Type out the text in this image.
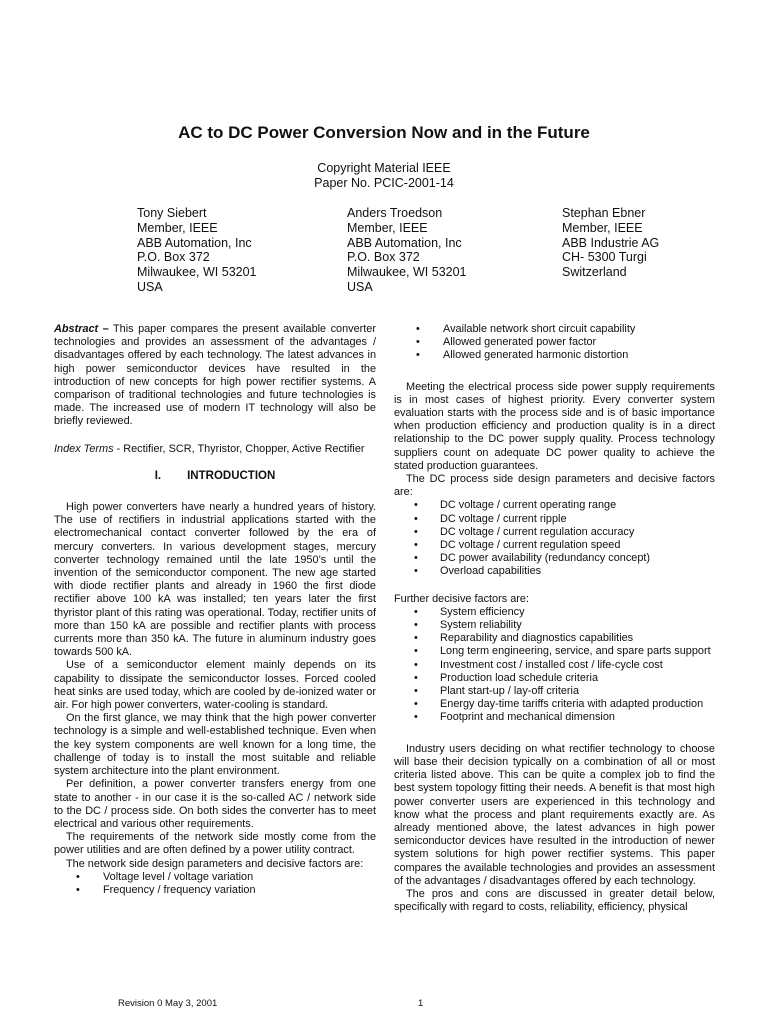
AC to DC Power Conversion Now and in the Future
Copyright Material IEEE
Paper No. PCIC-2001-14
Tony Siebert
Member, IEEE
ABB Automation, Inc
P.O. Box 372
Milwaukee, WI 53201
USA
Anders Troedson
Member, IEEE
ABB Automation, Inc
P.O. Box 372
Milwaukee, WI 53201
USA
Stephan Ebner
Member, IEEE
ABB Industrie AG
CH- 5300 Turgi
Switzerland

Abstract – This paper compares the present available converter technologies and provides an assessment of the advantages / disadvantages offered by each technology. The latest advances in high power semiconductor devices have resulted in the introduction of new concepts for high power rectifier systems. A comparison of traditional technologies and future technologies is made. The increased use of modern IT technology will also be briefly reviewed.

Index Terms - Rectifier, SCR, Thyristor, Chopper, Active Rectifier

I. INTRODUCTION

High power converters have nearly a hundred years of history. The use of rectifiers in industrial applications started with the electromechanical contact converter followed by the era of mercury converters. In various development stages, mercury converter technology remained until the late 1950’s until the invention of the semiconductor component. The new age started with diode rectifier plants and already in 1960 the first diode rectifier above 100 kA was installed; ten years later the first thyristor plant of this rating was operational. Today, rectifier units of more than 150 kA are possible and rectifier plants with process currents more than 350 kA. The future in aluminum industry goes towards 500 kA.

Use of a semiconductor element mainly depends on its capability to dissipate the semiconductor losses. Forced cooled heat sinks are used today, which are cooled by de-ionized water or air. For high power converters, water-cooling is standard.

On the first glance, we may think that the high power converter technology is a simple and well-established technique. Even when the key system components are well known for a long time, the challenge of today is to install the most suitable and reliable system architecture into the plant environment.

Per definition, a power converter transfers energy from one state to another - in our case it is the so-called AC / network side to the DC / process side. On both sides the converter has to meet electrical and various other requirements.

The requirements of the network side mostly come from the power utilities and are often defined by a power utility contract.

The network side design parameters and decisive factors are:

• Voltage level / voltage variation
• Frequency / frequency variation
• Available network short circuit capability
• Allowed generated power factor
• Allowed generated harmonic distortion

Meeting the electrical process side power supply requirements is in most cases of highest priority. Every converter system evaluation starts with the process side and is of basic importance when production efficiency and production quality is in a direct relationship to the DC power supply quality. Process technology suppliers count on adequate DC power quality to achieve the stated production guarantees.

The DC process side design parameters and decisive factors are:

• DC voltage / current operating range
• DC voltage / current ripple
• DC voltage / current regulation accuracy
• DC voltage / current regulation speed
• DC power availability (redundancy concept)
• Overload capabilities

Further decisive factors are:

• System efficiency
• System reliability
• Reparability and diagnostics capabilities
• Long term engineering, service, and spare parts support
• Investment cost / installed cost / life-cycle cost
• Production load schedule criteria
• Plant start-up / lay-off criteria
• Energy day-time tariffs criteria with adapted production
• Footprint and mechanical dimension

Industry users deciding on what rectifier technology to choose will base their decision typically on a combination of all or most criteria listed above. This can be quite a complex job to find the best system topology fitting their needs. A benefit is that most high power converter users are experienced in this technology and know what the process and plant requirements exactly are. As already mentioned above, the latest advances in high power semiconductor devices have resulted in the introduction of newer system solutions for high power rectifier systems. This paper compares the available technologies and provides an assessment of the advantages / disadvantages offered by each technology.

The pros and cons are discussed in greater detail below, specifically with regard to costs, reliability, efficiency, physical

Revision 0 May 3, 2001	1
